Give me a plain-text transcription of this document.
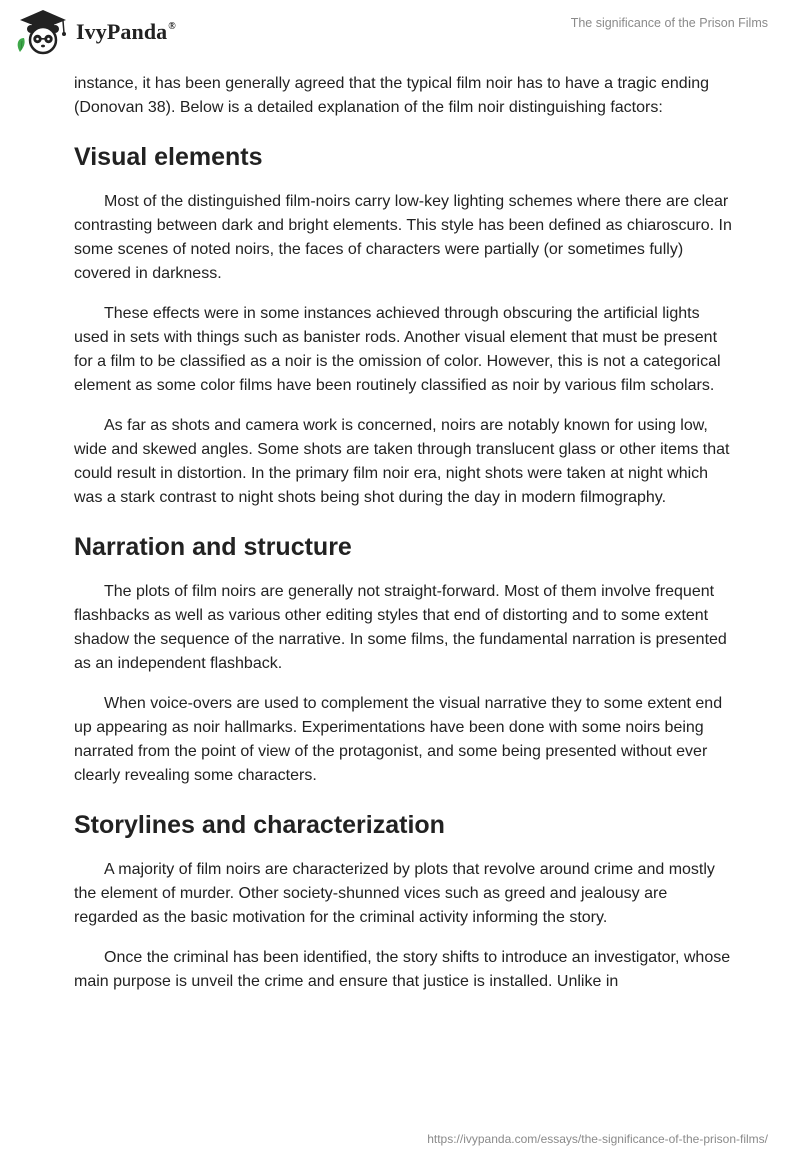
IvyPanda®	The significance of the Prison Films

instance, it has been generally agreed that the typical film noir has to have a tragic ending (Donovan 38). Below is a detailed explanation of the film noir distinguishing factors:

Visual elements

Most of the distinguished film-noirs carry low-key lighting schemes where there are clear contrasting between dark and bright elements. This style has been defined as chiaroscuro. In some scenes of noted noirs, the faces of characters were partially (or sometimes fully) covered in darkness.

These effects were in some instances achieved through obscuring the artificial lights used in sets with things such as banister rods. Another visual element that must be present for a film to be classified as a noir is the omission of color. However, this is not a categorical element as some color films have been routinely classified as noir by various film scholars.

As far as shots and camera work is concerned, noirs are notably known for using low, wide and skewed angles. Some shots are taken through translucent glass or other items that could result in distortion. In the primary film noir era, night shots were taken at night which was a stark contrast to night shots being shot during the day in modern filmography.

Narration and structure

The plots of film noirs are generally not straight-forward. Most of them involve frequent flashbacks as well as various other editing styles that end of distorting and to some extent shadow the sequence of the narrative. In some films, the fundamental narration is presented as an independent flashback.

When voice-overs are used to complement the visual narrative they to some extent end up appearing as noir hallmarks. Experimentations have been done with some noirs being narrated from the point of view of the protagonist, and some being presented without ever clearly revealing some characters.

Storylines and characterization

A majority of film noirs are characterized by plots that revolve around crime and mostly the element of murder. Other society-shunned vices such as greed and jealousy are regarded as the basic motivation for the criminal activity informing the story.

Once the criminal has been identified, the story shifts to introduce an investigator, whose main purpose is unveil the crime and ensure that justice is installed. Unlike in

https://ivypanda.com/essays/the-significance-of-the-prison-films/
